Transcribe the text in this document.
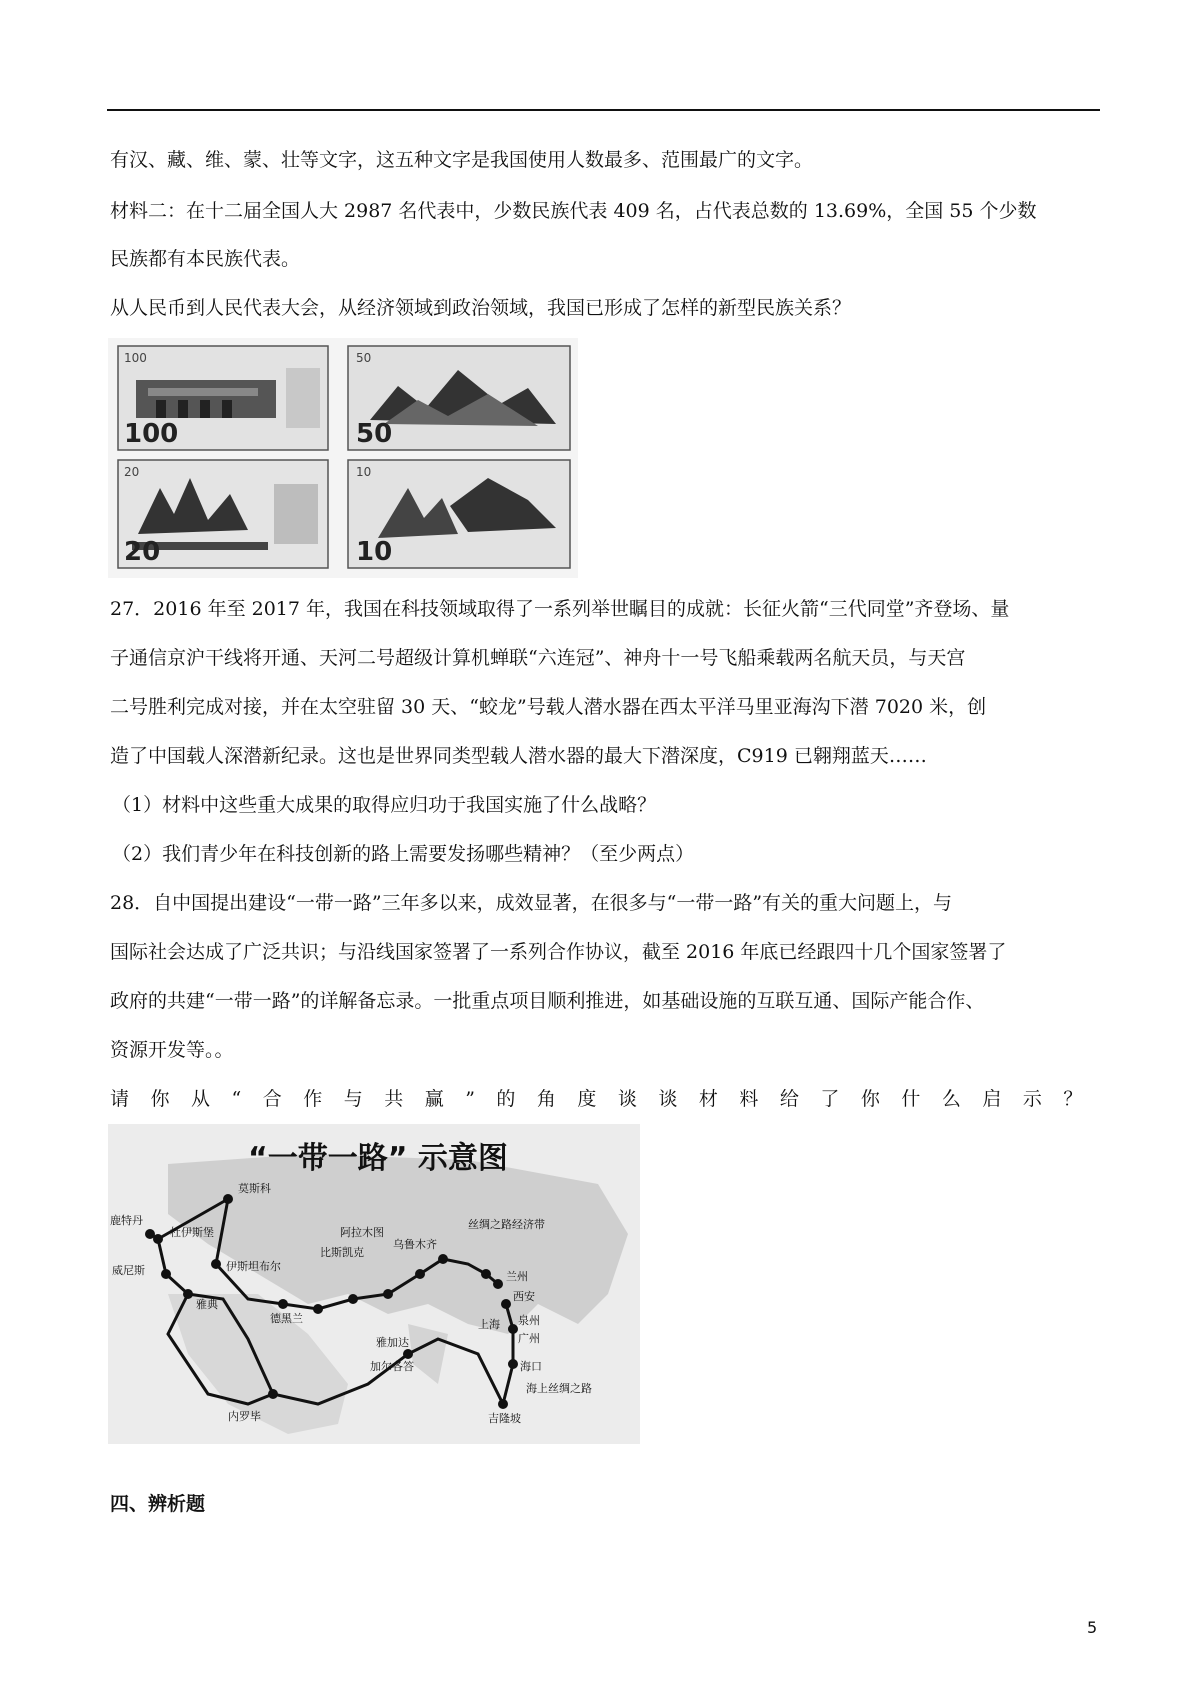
有汉、藏、维、蒙、壮等文字，这五种文字是我国使用人数最多、范围最广的文字。
材料二：在十二届全国人大 2987 名代表中，少数民族代表 409 名，占代表总数的 13.69%，全国 55 个少数
民族都有本民族代表。
从人民币到人民代表大会，从经济领域到政治领域，我国已形成了怎样的新型民族关系？
100
100
50
50
20
20
10
10
27．2016 年至 2017 年，我国在科技领域取得了一系列举世瞩目的成就：长征火箭“三代同堂”齐登场、量
子通信京沪干线将开通、天河二号超级计算机蝉联“六连冠”、神舟十一号飞船乘载两名航天员，与天宫
二号胜利完成对接，并在太空驻留 30 天、“蛟龙”号载人潜水器在西太平洋马里亚海沟下潜 7020 米，创
造了中国载人深潜新纪录。这也是世界同类型载人潜水器的最大下潜深度，C919 已翱翔蓝天……
（1）材料中这些重大成果的取得应归功于我国实施了什么战略？
（2）我们青少年在科技创新的路上需要发扬哪些精神？（至少两点）
28．自中国提出建设“一带一路”三年多以来，成效显著，在很多与“一带一路”有关的重大问题上，与
国际社会达成了广泛共识；与沿线国家签署了一系列合作协议，截至 2016 年底已经跟四十几个国家签署了
政府的共建“一带一路”的详解备忘录。一批重点项目顺利推进，如基础设施的互联互通、国际产能合作、
资源开发等。。
请你从“合作与共赢”的角度谈谈材料给了你什么启示？
“一带一路” 示意图
莫斯科
鹿特丹
杜伊斯堡
威尼斯
雅典
伊斯坦布尔
德黑兰
比斯凯克
阿拉木图
乌鲁木齐
兰州
西安
上海 泉州
广州
海口
雅加达
加尔各答
吉隆坡
内罗毕
丝绸之路经济带
海上丝绸之路
四、辨析题
5
